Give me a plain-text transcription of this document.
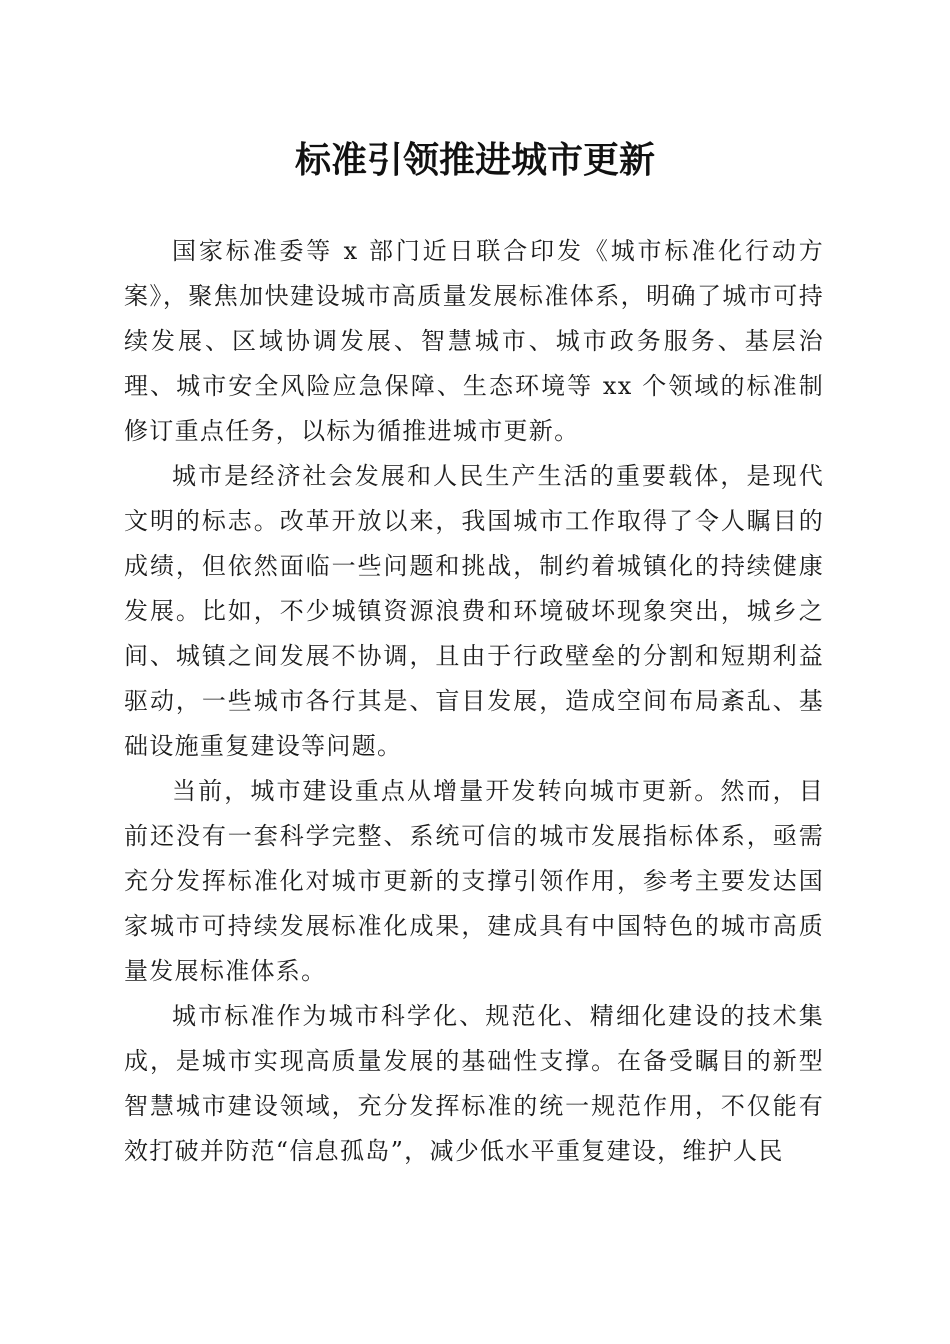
标准引领推进城市更新

国家标准委等 x 部门近日联合印发《城市标准化行动方案》，聚焦加快建设城市高质量发展标准体系，明确了城市可持续发展、区域协调发展、智慧城市、城市政务服务、基层治理、城市安全风险应急保障、生态环境等 xx 个领域的标准制修订重点任务，以标为循推进城市更新。

城市是经济社会发展和人民生产生活的重要载体，是现代文明的标志。改革开放以来，我国城市工作取得了令人瞩目的成绩，但依然面临一些问题和挑战，制约着城镇化的持续健康发展。比如，不少城镇资源浪费和环境破坏现象突出，城乡之间、城镇之间发展不协调，且由于行政壁垒的分割和短期利益驱动，一些城市各行其是、盲目发展，造成空间布局紊乱、基础设施重复建设等问题。

当前，城市建设重点从增量开发转向城市更新。然而，目前还没有一套科学完整、系统可信的城市发展指标体系，亟需充分发挥标准化对城市更新的支撑引领作用，参考主要发达国家城市可持续发展标准化成果，建成具有中国特色的城市高质量发展标准体系。

城市标准作为城市科学化、规范化、精细化建设的技术集成，是城市实现高质量发展的基础性支撑。在备受瞩目的新型智慧城市建设领域，充分发挥标准的统一规范作用，不仅能有效打破并防范“信息孤岛”，减少低水平重复建设，维护人民
